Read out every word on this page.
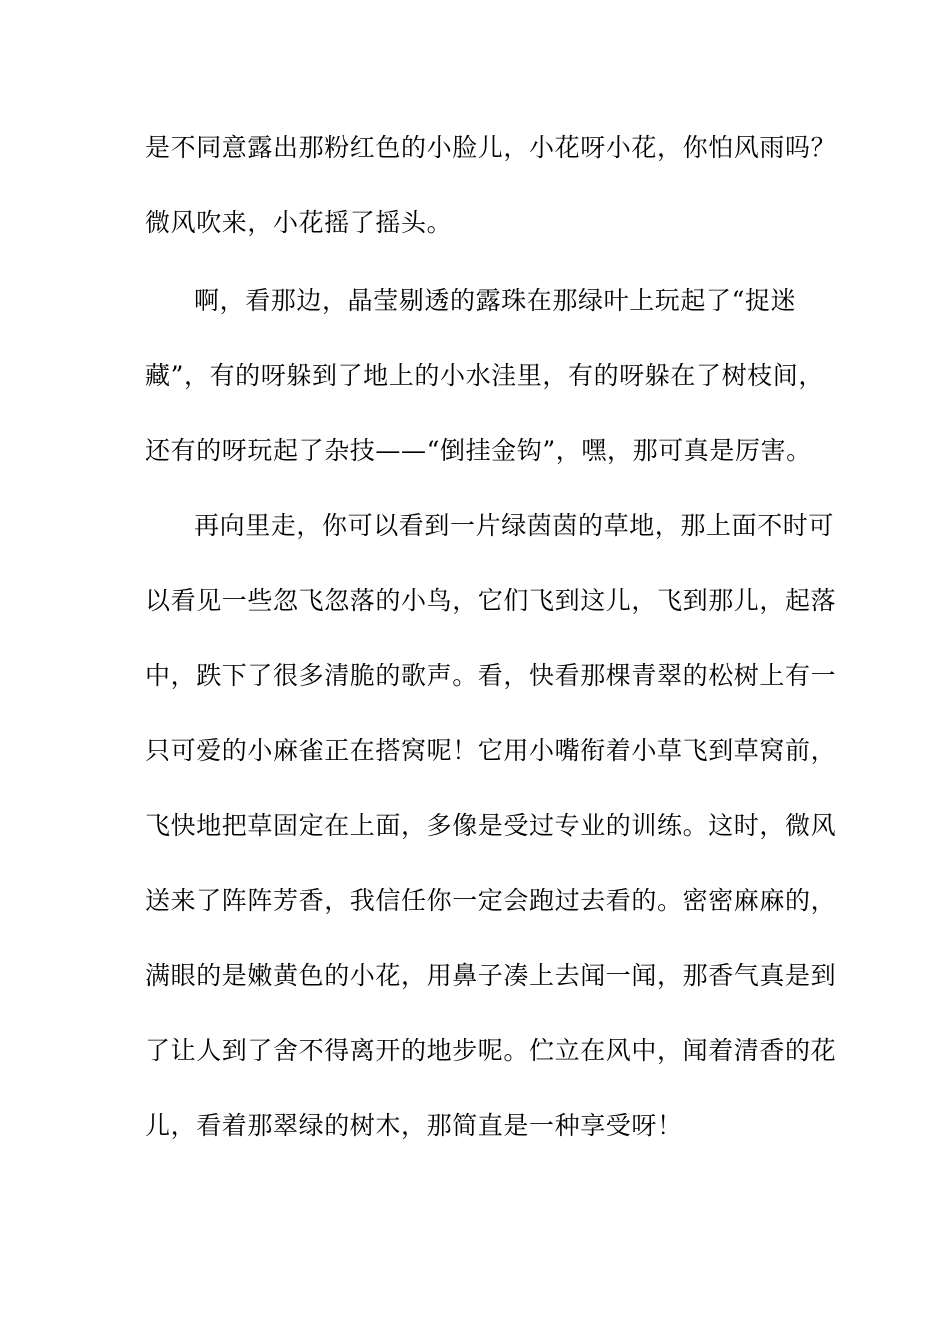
是不同意露出那粉红色的小脸儿，小花呀小花，你怕风雨吗？
微风吹来，小花摇了摇头。
啊，看那边，晶莹剔透的露珠在那绿叶上玩起了“捉迷
藏”，有的呀躲到了地上的小水洼里，有的呀躲在了树枝间，
还有的呀玩起了杂技——“倒挂金钩”，嘿，那可真是厉害。
再向里走，你可以看到一片绿茵茵的草地，那上面不时可
以看见一些忽飞忽落的小鸟，它们飞到这儿，飞到那儿，起落
中，跌下了很多清脆的歌声。看，快看那棵青翠的松树上有一
只可爱的小麻雀正在搭窝呢！它用小嘴衔着小草飞到草窝前，
飞快地把草固定在上面，多像是受过专业的训练。这时，微风
送来了阵阵芳香，我信任你一定会跑过去看的。密密麻麻的，
满眼的是嫩黄色的小花，用鼻子凑上去闻一闻，那香气真是到
了让人到了舍不得离开的地步呢。伫立在风中，闻着清香的花
儿，看着那翠绿的树木，那简直是一种享受呀！
